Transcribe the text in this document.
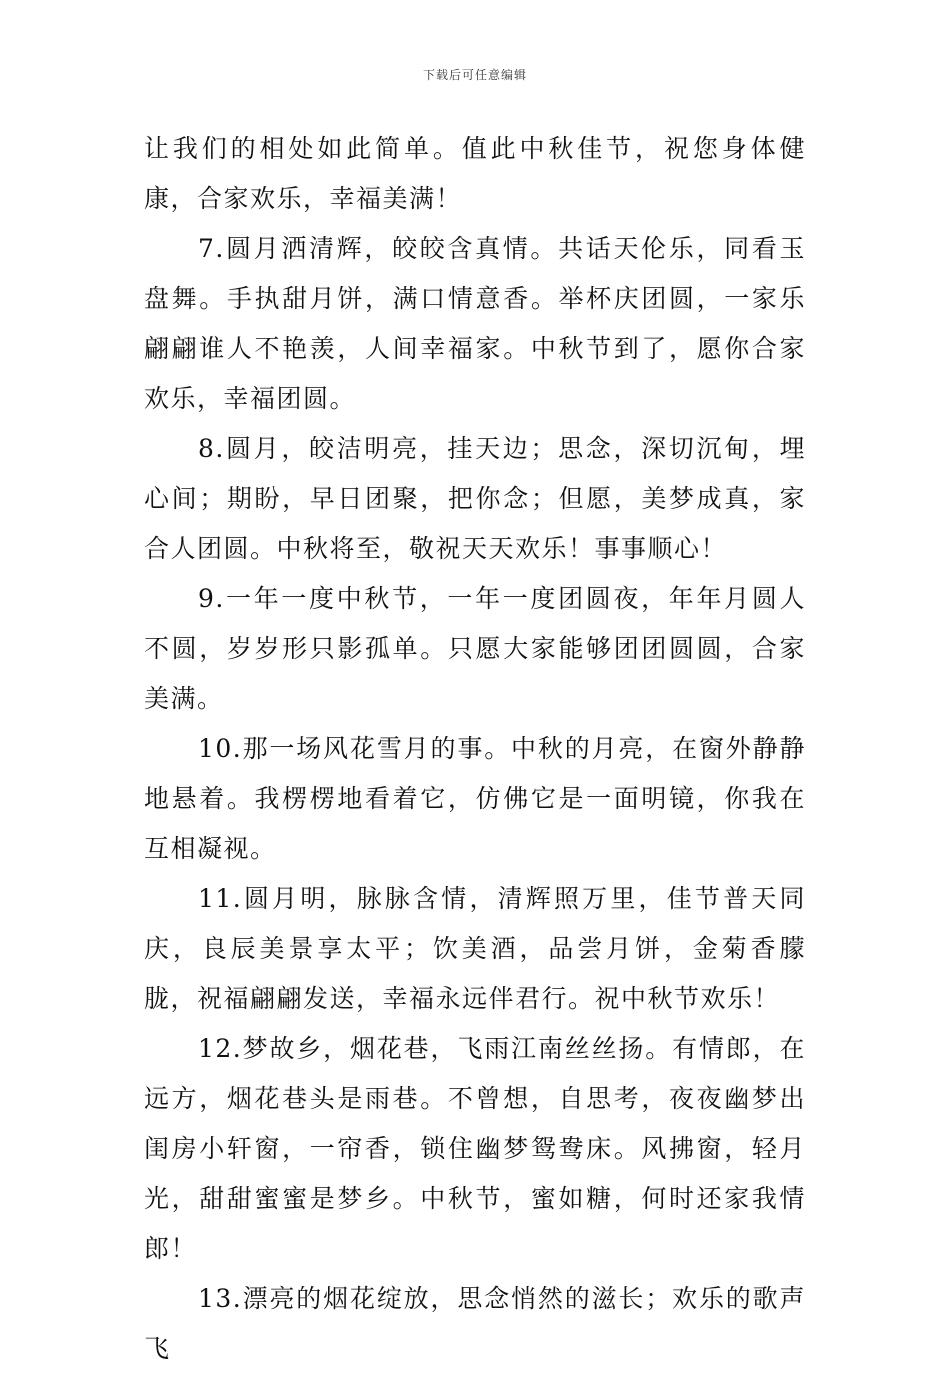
下载后可任意编辑

让我们的相处如此简单。值此中秋佳节，祝您身体健康，合家欢乐，幸福美满！

7.圆月洒清辉，皎皎含真情。共话天伦乐，同看玉盘舞。手执甜月饼，满口情意香。举杯庆团圆，一家乐翩翩谁人不艳羡，人间幸福家。中秋节到了，愿你合家欢乐，幸福团圆。

8.圆月，皎洁明亮，挂天边；思念，深切沉甸，埋心间；期盼，早日团聚，把你念；但愿，美梦成真，家合人团圆。中秋将至，敬祝天天欢乐！事事顺心！

9.一年一度中秋节，一年一度团圆夜，年年月圆人不圆，岁岁形只影孤单。只愿大家能够团团圆圆，合家美满。

10.那一场风花雪月的事。中秋的月亮，在窗外静静地悬着。我楞楞地看着它，仿佛它是一面明镜，你我在互相凝视。

11.圆月明，脉脉含情，清辉照万里，佳节普天同庆，良辰美景享太平；饮美酒，品尝月饼，金菊香朦胧，祝福翩翩发送，幸福永远伴君行。祝中秋节欢乐！

12.梦故乡，烟花巷，飞雨江南丝丝扬。有情郎，在远方，烟花巷头是雨巷。不曾想，自思考，夜夜幽梦出闺房小轩窗，一帘香，锁住幽梦鸳鸯床。风拂窗，轻月光，甜甜蜜蜜是梦乡。中秋节，蜜如糖，何时还家我情郎！

13.漂亮的烟花绽放，思念悄然的滋长；欢乐的歌声飞
